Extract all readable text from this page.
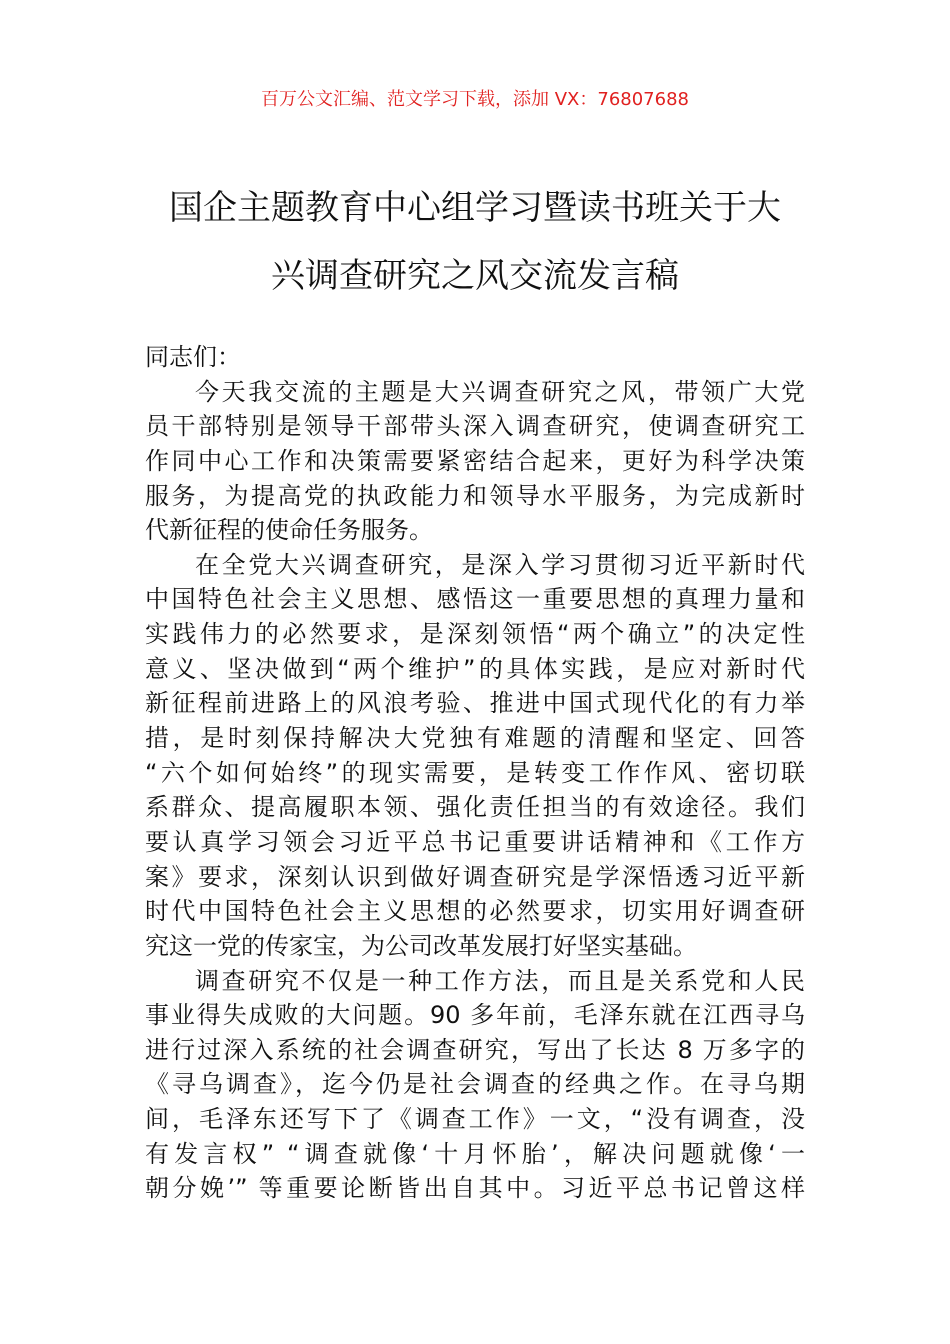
百万公文汇编、范文学习下载，添加 VX：76807688
国企主题教育中心组学习暨读书班关于大
兴调查研究之风交流发言稿
同志们：
今天我交流的主题是大兴调查研究之风，带领广大党
员干部特别是领导干部带头深入调查研究，使调查研究工
作同中心工作和决策需要紧密结合起来，更好为科学决策
服务，为提高党的执政能力和领导水平服务，为完成新时
代新征程的使命任务服务。
在全党大兴调查研究，是深入学习贯彻习近平新时代
中国特色社会主义思想、感悟这一重要思想的真理力量和
实践伟力的必然要求，是深刻领悟“两个确立”的决定性
意义、坚决做到“两个维护”的具体实践，是应对新时代
新征程前进路上的风浪考验、推进中国式现代化的有力举
措，是时刻保持解决大党独有难题的清醒和坚定、回答
“六个如何始终”的现实需要，是转变工作作风、密切联
系群众、提高履职本领、强化责任担当的有效途径。我们
要认真学习领会习近平总书记重要讲话精神和《工作方
案》要求，深刻认识到做好调查研究是学深悟透习近平新
时代中国特色社会主义思想的必然要求，切实用好调查研
究这一党的传家宝，为公司改革发展打好坚实基础。
调查研究不仅是一种工作方法，而且是关系党和人民
事业得失成败的大问题。90 多年前，毛泽东就在江西寻乌
进行过深入系统的社会调查研究，写出了长达 8 万多字的
《寻乌调查》，迄今仍是社会调查的经典之作。在寻乌期
间，毛泽东还写下了《调查工作》一文，“没有调查，没
有发言权” “调查就像‘十月怀胎’，解决问题就像‘一
朝分娩’” 等重要论断皆出自其中。习近平总书记曾这样
